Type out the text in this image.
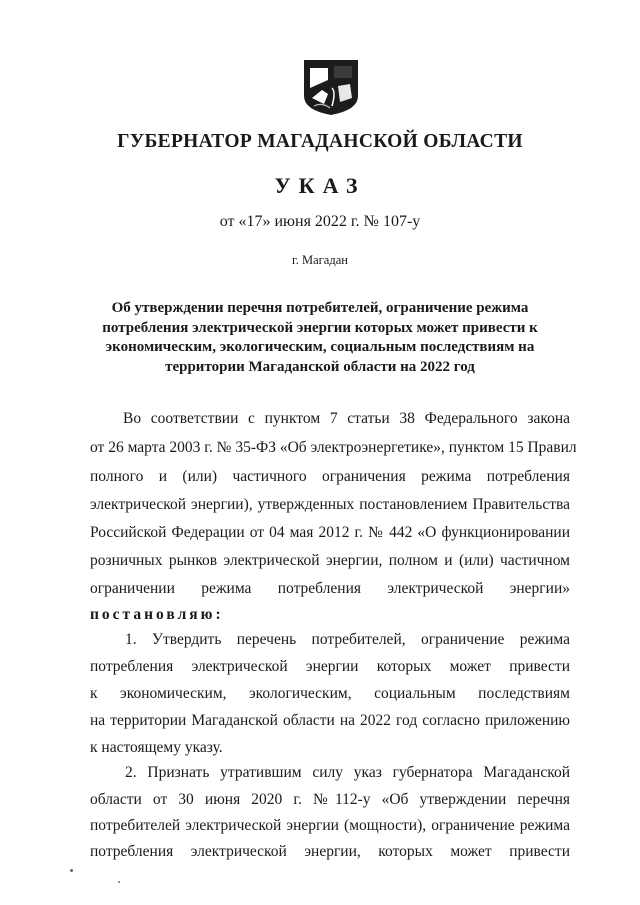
ГУБЕРНАТОР МАГАДАНСКОЙ ОБЛАСТИ
УКАЗ
от «17» июня 2022 г. № 107-у
г. Магадан
Об утверждении перечня потребителей, ограничение режима потребления электрической энергии которых может привести к экономическим, экологическим, социальным последствиям на территории Магаданской области на 2022 год
Во соответствии с пунктом 7 статьи 38 Федерального закона
от 26 марта 2003 г. № 35-ФЗ «Об электроэнергетике», пунктом 15 Правил
полного и (или) частичного ограничения режима потребления
электрической энергии), утвержденных постановлением Правительства
Российской Федерации от 04 мая 2012 г. № 442 «О функционировании
розничных рынков электрической энергии, полном и (или) частичном
ограничении режима потребления электрической энергии»
постановляю:
1. Утвердить перечень потребителей, ограничение режима
потребления электрической энергии которых может привести
к экономическим, экологическим, социальным последствиям
на территории Магаданской области на 2022 год согласно приложению
к настоящему указу.
2. Признать утратившим силу указ губернатора Магаданской
области от 30 июня 2020 г. №112-у «Об утверждении перечня
потребителей электрической энергии (мощности), ограничение режима
потребления электрической энергии, которых может привести
